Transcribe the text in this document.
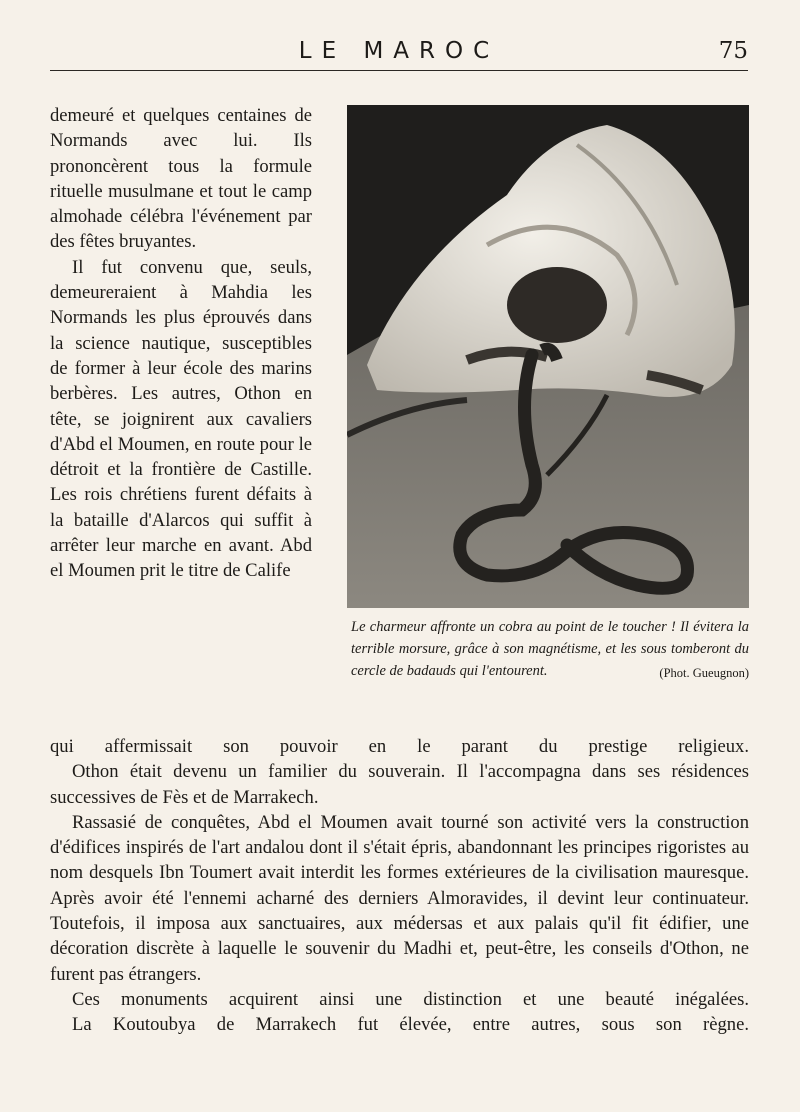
LE MAROC	75

demeuré et quelques centaines de Normands avec lui. Ils prononcèrent tous la formule rituelle musulmane et tout le camp almohade célébra l'événement par des fêtes bruyantes.

Il fut convenu que, seuls, demeureraient à Mahdia les Normands les plus éprouvés dans la science nautique, susceptibles de former à leur école des marins berbères. Les autres, Othon en tête, se joignirent aux cavaliers d'Abd el Moumen, en route pour le détroit et la frontière de Castille. Les rois chrétiens furent défaits à la bataille d'Alarcos qui suffit à arrêter leur marche en avant. Abd el Moumen prit le titre de Calife

Le charmeur affronte un cobra au point de le toucher ! Il évitera la terrible morsure, grâce à son magnétisme, et les sous tomberont du cercle de badauds qui l'entourent.	(Phot. Gueugnon)

qui affermissait son pouvoir en le parant du prestige religieux.

Othon était devenu un familier du souverain. Il l'accompagna dans ses résidences successives de Fès et de Marrakech.

Rassasié de conquêtes, Abd el Moumen avait tourné son activité vers la construction d'édifices inspirés de l'art andalou dont il s'était épris, abandonnant les principes rigoristes au nom desquels Ibn Toumert avait interdit les formes extérieures de la civilisation mauresque. Après avoir été l'ennemi acharné des derniers Almoravides, il devint leur continuateur. Toutefois, il imposa aux sanctuaires, aux médersas et aux palais qu'il fit édifier, une décoration discrète à laquelle le souvenir du Madhi et, peut-être, les conseils d'Othon, ne furent pas étrangers.

Ces monuments acquirent ainsi une distinction et une beauté inégalées.

La Koutoubya de Marrakech fut élevée, entre autres, sous son règne.
